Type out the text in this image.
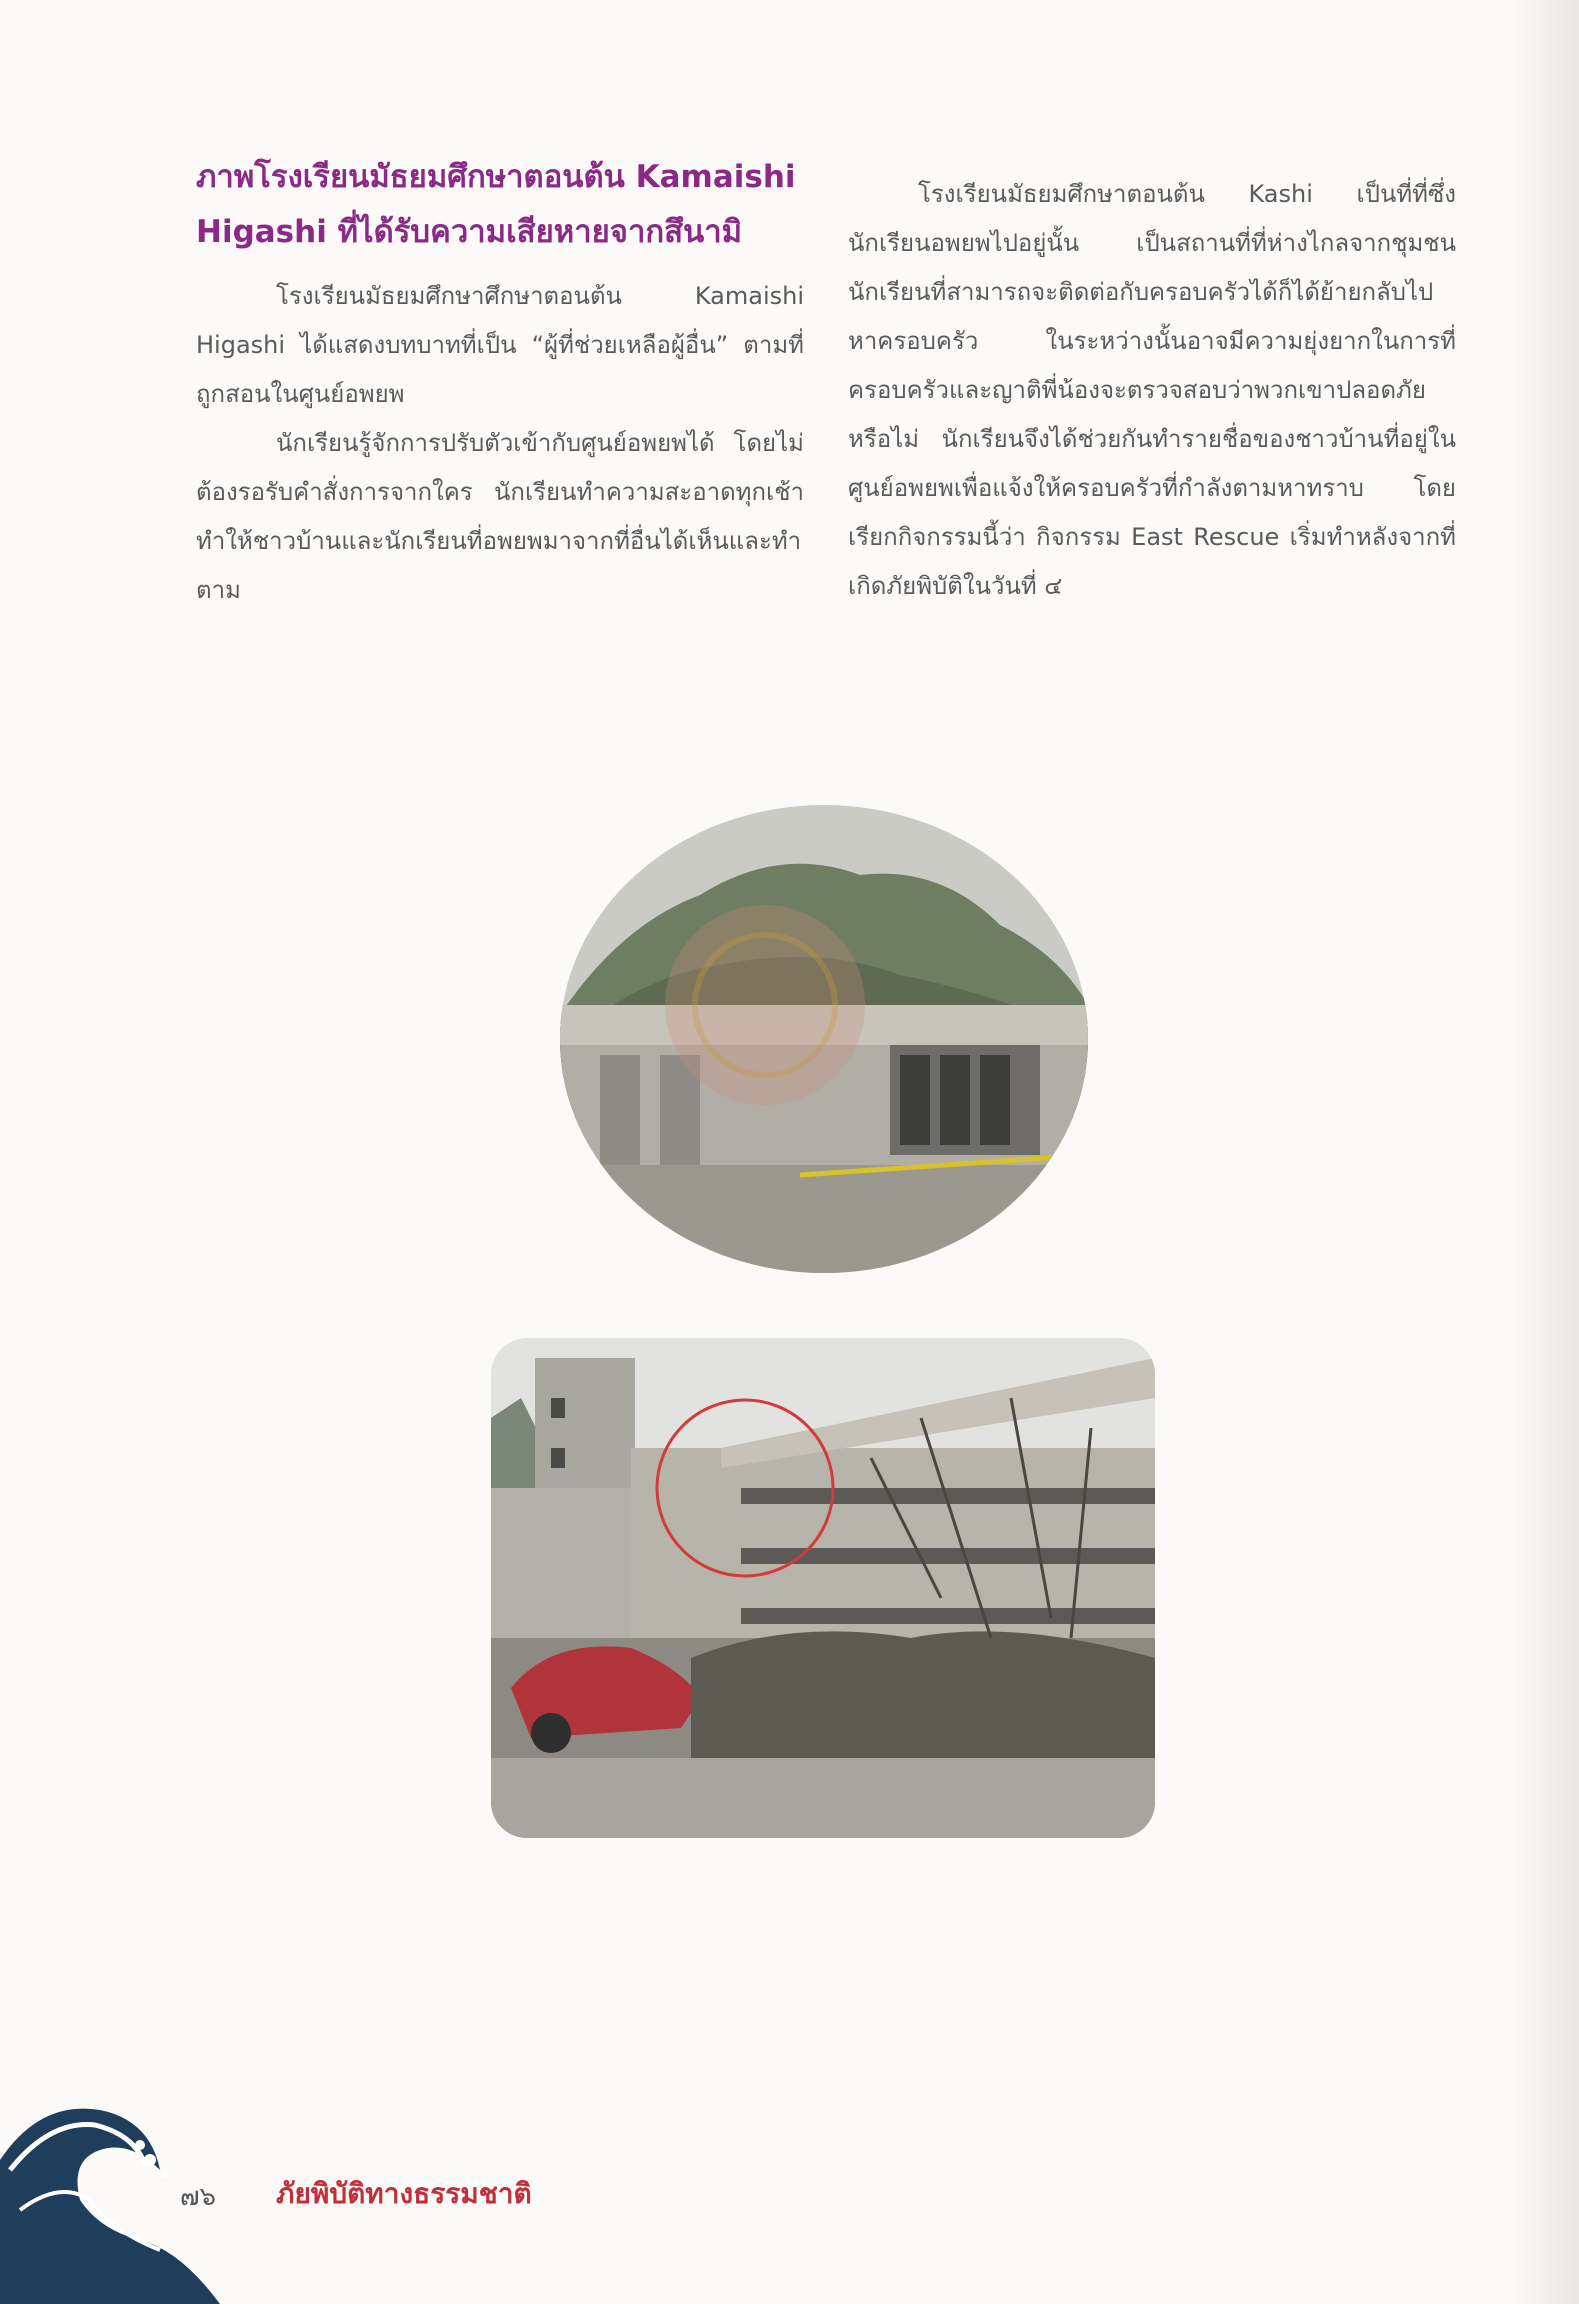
ภาพโรงเรียนมัธยมศึกษาตอนต้น Kamaishi
Higashi ที่ได้รับความเสียหายจากสึนามิ

โรงเรียนมัธยมศึกษาศึกษาตอนต้น Kamaishi Higashi ได้แสดงบทบาทที่เป็น “ผู้ที่ช่วยเหลือผู้อื่น” ตามที่ถูกสอนในศูนย์อพยพ

นักเรียนรู้จักการปรับตัวเข้ากับศูนย์อพยพได้ โดยไม่ต้องรอรับคำสั่งการจากใคร นักเรียนทำความสะอาดทุกเช้า ทำให้ชาวบ้านและนักเรียนที่อพยพมาจากที่อื่นได้เห็นและทำตาม

โรงเรียนมัธยมศึกษาตอนต้น Kashi เป็นที่ที่ซึ่งนักเรียนอพยพไปอยู่นั้น เป็นสถานที่ที่ห่างไกลจากชุมชน นักเรียนที่สามารถจะติดต่อกับครอบครัวได้ก็ได้ย้ายกลับไปหาครอบครัว ในระหว่างนั้นอาจมีความยุ่งยากในการที่ครอบครัวและญาติพี่น้องจะตรวจสอบว่าพวกเขาปลอดภัยหรือไม่ นักเรียนจึงได้ช่วยกันทำรายชื่อของชาวบ้านที่อยู่ในศูนย์อพยพเพื่อแจ้งให้ครอบครัวที่กำลังตามหาทราบ โดยเรียกกิจกรรมนี้ว่า กิจกรรม East Rescue เริ่มทำหลังจากที่เกิดภัยพิบัติในวันที่ ๔

๗๖ ภัยพิบัติทางธรรมชาติ
